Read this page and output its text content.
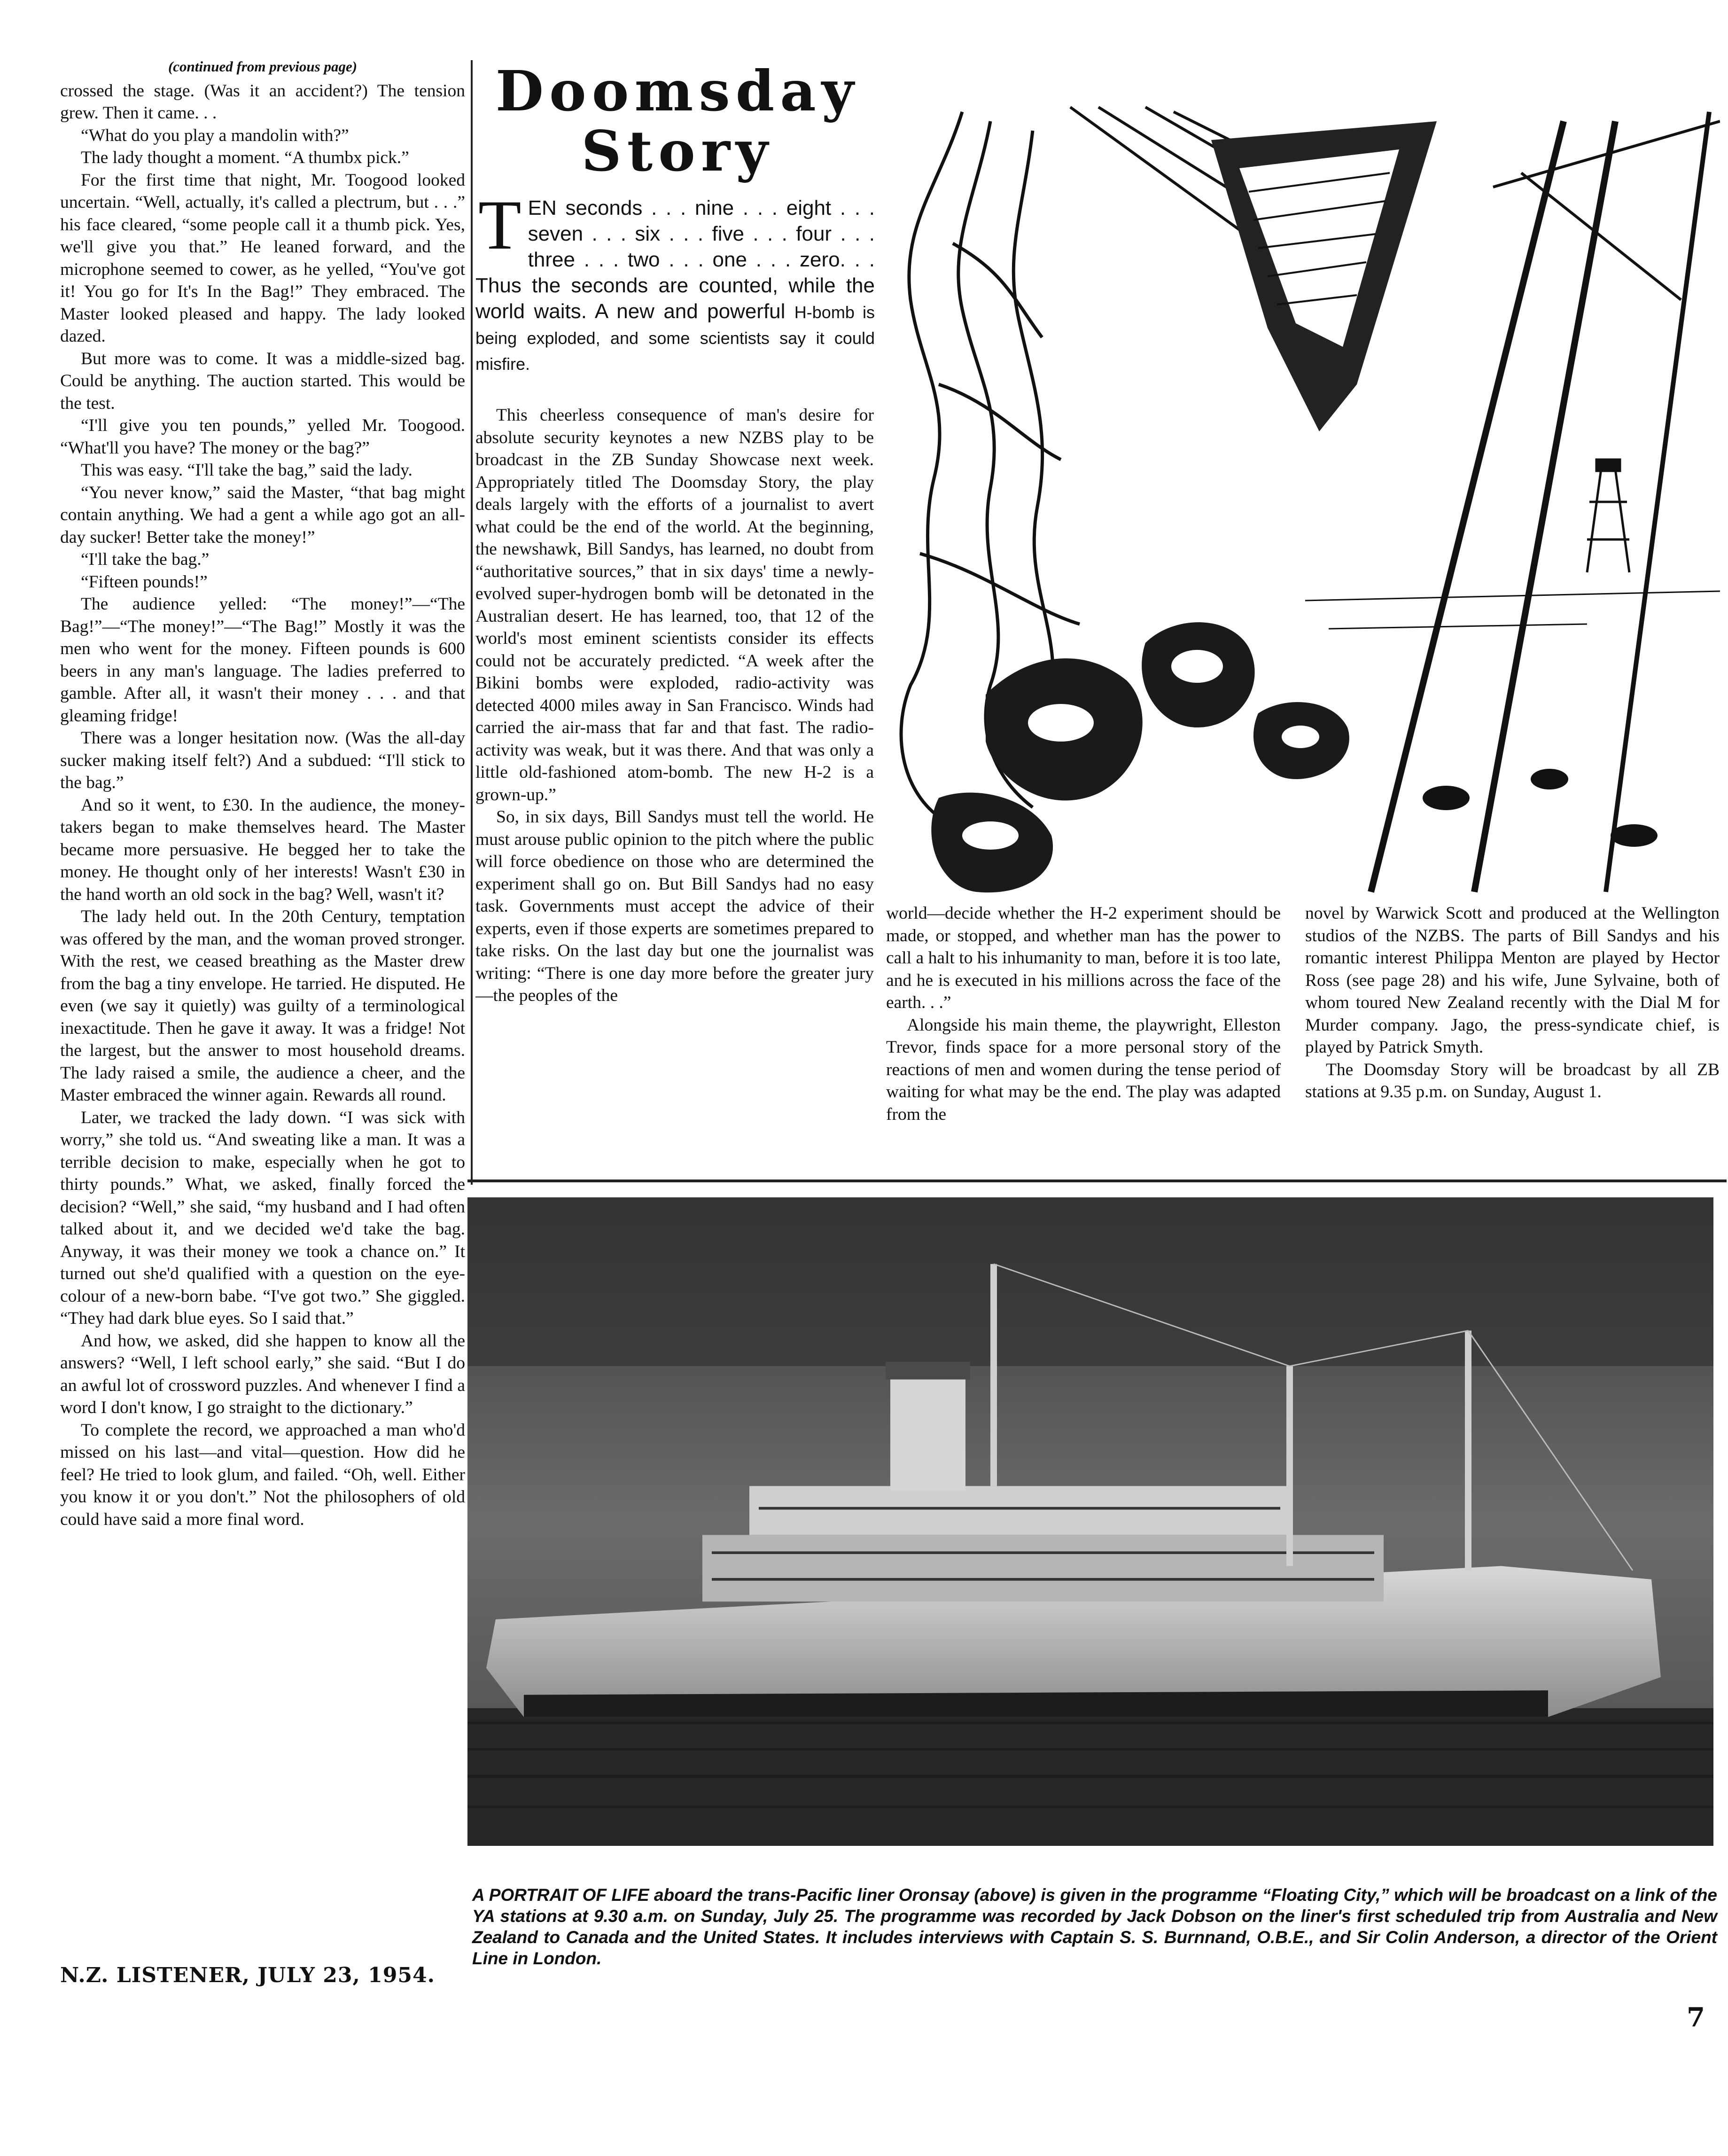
(continued from previous page)

crossed the stage. (Was it an accident?) The tension grew. Then it came. . .

“What do you play a mandolin with?”

The lady thought a moment. “A thumbx pick.”

For the first time that night, Mr. Toogood looked uncertain. “Well, actually, it's called a plectrum, but . . .” his face cleared, “some people call it a thumb pick. Yes, we'll give you that.” He leaned forward, and the microphone seemed to cower, as he yelled, “You've got it! You go for It's In the Bag!” They embraced. The Master looked pleased and happy. The lady looked dazed.

But more was to come. It was a middle-sized bag. Could be anything. The auction started. This would be the test.

“I'll give you ten pounds,” yelled Mr. Toogood. “What'll you have? The money or the bag?”

This was easy. “I'll take the bag,” said the lady.

“You never know,” said the Master, “that bag might contain anything. We had a gent a while ago got an all-day sucker! Better take the money!”

“I'll take the bag.”

“Fifteen pounds!”

The audience yelled: “The money!”—“The Bag!”—“The money!”—“The Bag!” Mostly it was the men who went for the money. Fifteen pounds is 600 beers in any man's language. The ladies preferred to gamble. After all, it wasn't their money . . . and that gleaming fridge!

There was a longer hesitation now. (Was the all-day sucker making itself felt?) And a subdued: “I'll stick to the bag.”

And so it went, to £30. In the audience, the money-takers began to make themselves heard. The Master became more persuasive. He begged her to take the money. He thought only of her interests! Wasn't £30 in the hand worth an old sock in the bag? Well, wasn't it?

The lady held out. In the 20th Century, temptation was offered by the man, and the woman proved stronger. With the rest, we ceased breathing as the Master drew from the bag a tiny envelope. He tarried. He disputed. He even (we say it quietly) was guilty of a terminological inexactitude. Then he gave it away. It was a fridge! Not the largest, but the answer to most household dreams. The lady raised a smile, the audience a cheer, and the Master embraced the winner again. Rewards all round.

Later, we tracked the lady down. “I was sick with worry,” she told us. “And sweating like a man. It was a terrible decision to make, especially when he got to thirty pounds.” What, we asked, finally forced the decision? “Well,” she said, “my husband and I had often talked about it, and we decided we'd take the bag. Anyway, it was their money we took a chance on.” It turned out she'd qualified with a question on the eye-colour of a new-born babe. “I've got two.” She giggled. “They had dark blue eyes. So I said that.”

And how, we asked, did she happen to know all the answers? “Well, I left school early,” she said. “But I do an awful lot of crossword puzzles. And whenever I find a word I don't know, I go straight to the dictionary.”

To complete the record, we approached a man who'd missed on his last—and vital—question. How did he feel? He tried to look glum, and failed. “Oh, well. Either you know it or you don't.” Not the philosophers of old could have said a more final word.

Doomsday
Story
TEN seconds . . . nine . . . eight . . . seven . . . six . . . five . . . four . . . three . . . two . . . one . . . zero. . . Thus the seconds are counted, while the world waits. A new and powerful H-bomb is being exploded, and some scientists say it could misfire.

This cheerless consequence of man's desire for absolute security keynotes a new NZBS play to be broadcast in the ZB Sunday Showcase next week. Appropriately titled The Doomsday Story, the play deals largely with the efforts of a journalist to avert what could be the end of the world. At the beginning, the newshawk, Bill Sandys, has learned, no doubt from “authoritative sources,” that in six days' time a newly-evolved super-hydrogen bomb will be detonated in the Australian desert. He has learned, too, that 12 of the world's most eminent scientists consider its effects could not be accurately predicted. “A week after the Bikini bombs were exploded, radio-activity was detected 4000 miles away in San Francisco. Winds had carried the air-mass that far and that fast. The radio-activity was weak, but it was there. And that was only a little old-fashioned atom-bomb. The new H-2 is a grown-up.”

So, in six days, Bill Sandys must tell the world. He must arouse public opinion to the pitch where the public will force obedience on those who are determined the experiment shall go on. But Bill Sandys had no easy task. Governments must accept the advice of their experts, even if those experts are sometimes prepared to take risks. On the last day but one the journalist was writing: “There is one day more before the greater jury—the peoples of the

world—decide whether the H-2 experiment should be made, or stopped, and whether man has the power to call a halt to his inhumanity to man, before it is too late, and he is executed in his millions across the face of the earth. . .”

Alongside his main theme, the playwright, Elleston Trevor, finds space for a more personal story of the reactions of men and women during the tense period of waiting for what may be the end. The play was adapted from the

novel by Warwick Scott and produced at the Wellington studios of the NZBS. The parts of Bill Sandys and his romantic interest Philippa Menton are played by Hector Ross (see page 28) and his wife, June Sylvaine, both of whom toured New Zealand recently with the Dial M for Murder company. Jago, the press-syndicate chief, is played by Patrick Smyth.

The Doomsday Story will be broadcast by all ZB stations at 9.35 p.m. on Sunday, August 1.

A PORTRAIT OF LIFE aboard the trans-Pacific liner Oronsay (above) is given in the programme “Floating City,” which will be broadcast on a link of the YA stations at 9.30 a.m. on Sunday, July 25. The programme was recorded by Jack Dobson on the liner's first scheduled trip from Australia and New Zealand to Canada and the United States. It includes interviews with Captain S. S. Burnnand, O.B.E., and Sir Colin Anderson, a director of the Orient Line in London.
N.Z. LISTENER, JULY 23, 1954.
7
